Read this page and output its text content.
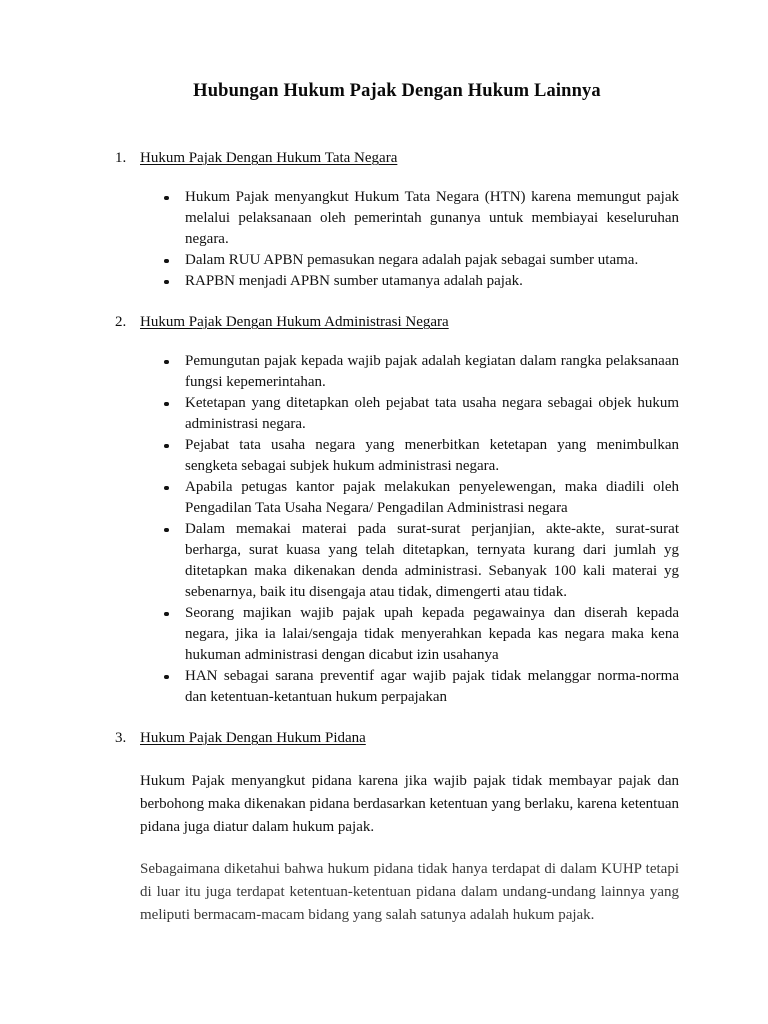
Hubungan Hukum Pajak Dengan Hukum Lainnya
1. Hukum Pajak Dengan Hukum Tata Negara
Hukum Pajak menyangkut Hukum Tata Negara (HTN) karena memungut pajak melalui pelaksanaan oleh pemerintah gunanya untuk membiayai keseluruhan negara.
Dalam RUU APBN pemasukan negara adalah pajak sebagai sumber utama.
RAPBN menjadi APBN sumber utamanya adalah pajak.
2. Hukum Pajak Dengan Hukum Administrasi Negara
Pemungutan pajak kepada wajib pajak adalah kegiatan dalam rangka pelaksanaan fungsi kepemerintahan.
Ketetapan yang ditetapkan oleh pejabat tata usaha negara sebagai objek hukum administrasi negara.
Pejabat tata usaha negara yang menerbitkan ketetapan yang menimbulkan sengketa sebagai subjek hukum administrasi negara.
Apabila petugas kantor pajak melakukan penyelewengan, maka diadili oleh Pengadilan Tata Usaha Negara/ Pengadilan Administrasi negara
Dalam memakai materai pada surat-surat perjanjian, akte-akte, surat-surat berharga, surat kuasa yang telah ditetapkan, ternyata kurang dari jumlah yg ditetapkan maka dikenakan denda administrasi. Sebanyak 100 kali materai yg sebenarnya, baik itu disengaja atau tidak, dimengerti atau tidak.
Seorang majikan wajib pajak upah kepada pegawainya dan diserah kepada negara, jika ia lalai/sengaja tidak menyerahkan kepada kas negara maka kena hukuman administrasi dengan dicabut izin usahanya
HAN sebagai sarana preventif agar wajib pajak tidak melanggar norma-norma dan ketentuan-ketantuan hukum perpajakan
3. Hukum Pajak Dengan Hukum Pidana

Hukum Pajak menyangkut pidana karena jika wajib pajak tidak membayar pajak dan berbohong maka dikenakan pidana berdasarkan ketentuan yang berlaku, karena ketentuan pidana juga diatur dalam hukum pajak.

Sebagaimana diketahui bahwa hukum pidana tidak hanya terdapat di dalam KUHP tetapi di luar itu juga terdapat ketentuan-ketentuan pidana dalam undang-undang lainnya yang meliputi bermacam-macam bidang yang salah satunya adalah hukum pajak.
